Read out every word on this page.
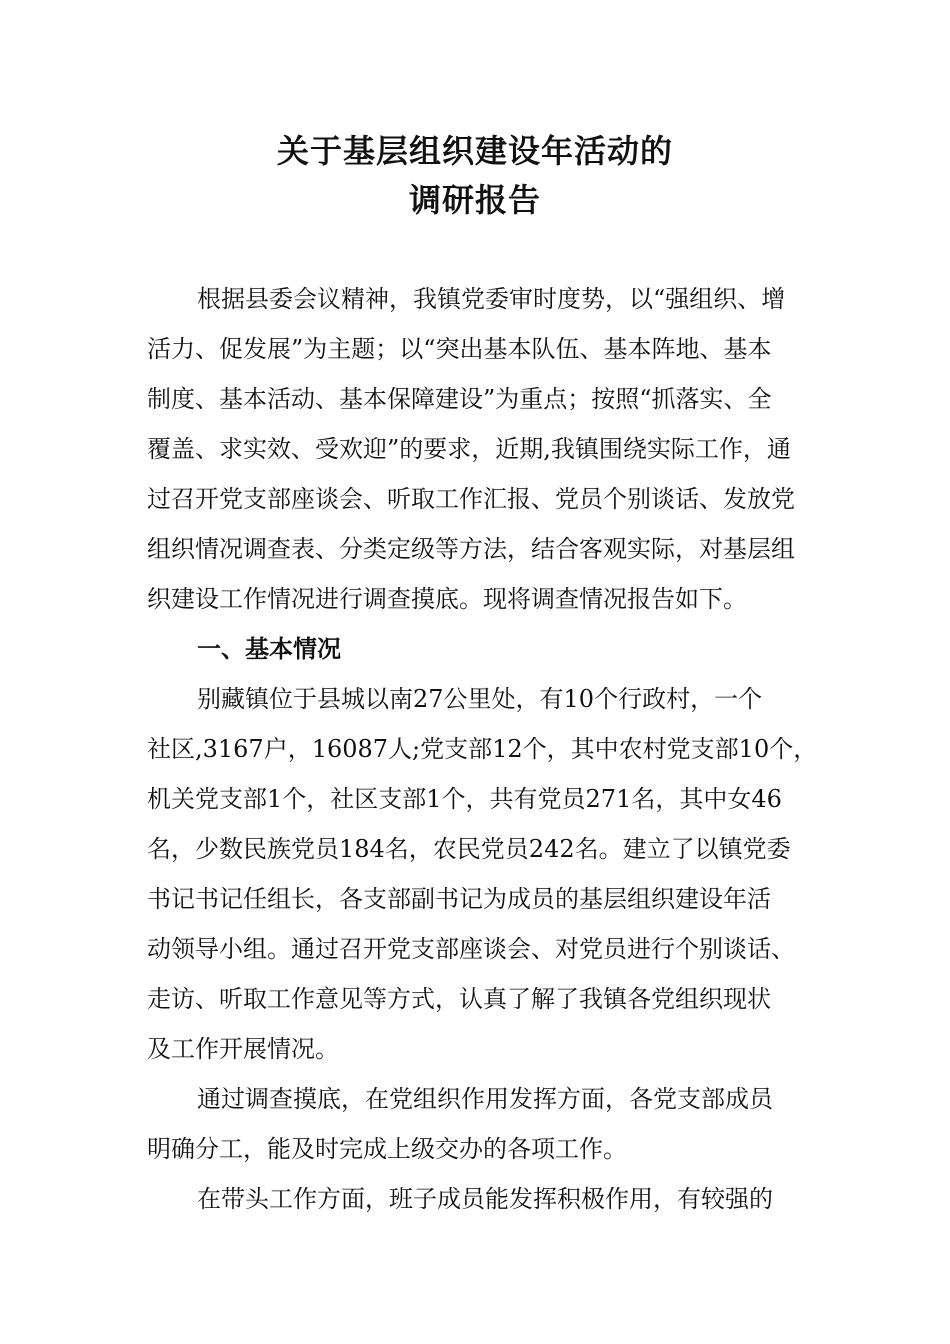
关于基层组织建设年活动的
调研报告
根据县委会议精神，我镇党委审时度势，以“强组织、增
活力、促发展”为主题；以“突出基本队伍、基本阵地、基本
制度、基本活动、基本保障建设”为重点；按照“抓落实、全
覆盖、求实效、受欢迎”的要求，近期,我镇围绕实际工作，通
过召开党支部座谈会、听取工作汇报、党员个别谈话、发放党
组织情况调查表、分类定级等方法，结合客观实际，对基层组
织建设工作情况进行调查摸底。现将调查情况报告如下。
一、基本情况
别藏镇位于县城以南27公里处，有10个行政村，一个
社区,3167户，16087人;党支部12个，其中农村党支部10个，
机关党支部1个，社区支部1个，共有党员271名，其中女46
名，少数民族党员184名，农民党员242名。建立了以镇党委
书记书记任组长，各支部副书记为成员的基层组织建设年活
动领导小组。通过召开党支部座谈会、对党员进行个别谈话、
走访、听取工作意见等方式，认真了解了我镇各党组织现状
及工作开展情况。
通过调查摸底，在党组织作用发挥方面，各党支部成员
明确分工，能及时完成上级交办的各项工作。
在带头工作方面，班子成员能发挥积极作用，有较强的
